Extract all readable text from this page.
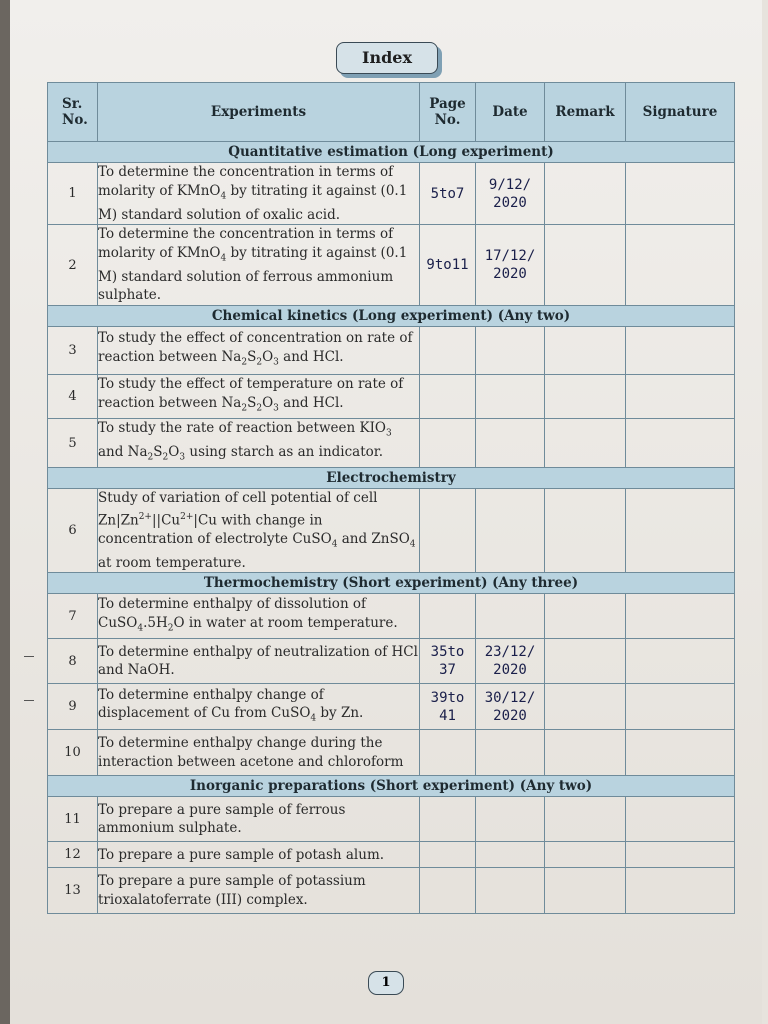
Index
Sr. No.	Experiments	Page No.	Date	Remark	Signature
Quantitative estimation (Long experiment)					
1	To determine the concentration in terms of molarity of KMnO$_4$ by titrating it against (0.1 M) standard solution of oxalic acid.	5to7	9/12/ 2020		
2	To determine the concentration in terms of molarity of KMnO$_4$ by titrating it against (0.1 M) standard solution of ferrous ammonium sulphate.	9to11	17/12/ 2020		
Chemical kinetics (Long experiment) (Any two)					
3	To study the effect of concentration on rate of reaction between $Na_2S_2O_3$ and HCl.				
4	To study the effect of temperature on rate of reaction between $Na_2S_2O_3$ and HCl.				
5	To study the rate of reaction between $KIO_3$ and $Na_2S_2O_3$ using starch as an indicator.				
Electrochemistry					
6	Study of variation of cell potential of cell $Zn|Zn^{2+}||Cu^{2+}|Cu$ with change in concentration of electrolyte CuSO$_4$ and ZnSO$_4$ at room temperature.				
Thermochemistry (Short experiment) (Any three)					
7	To determine enthalpy of dissolution of $CuSO_4.5H_2O$ in water at room temperature.				
8	To determine enthalpy of neutralization of HCl and NaOH.	35to 37	23/12/ 2020		
9	To determine enthalpy change of displacement of Cu from CuSO$_4$ by Zn.	39to 41	30/12/ 2020		
10	To determine enthalpy change during the interaction between acetone and chloroform				
Inorganic preparations (Short experiment) (Any two)					
11	To prepare a pure sample of ferrous ammonium sulphate.				
12	To prepare a pure sample of potash alum.				
13	To prepare a pure sample of potassium trioxalatoferrate (III) complex.				
1
